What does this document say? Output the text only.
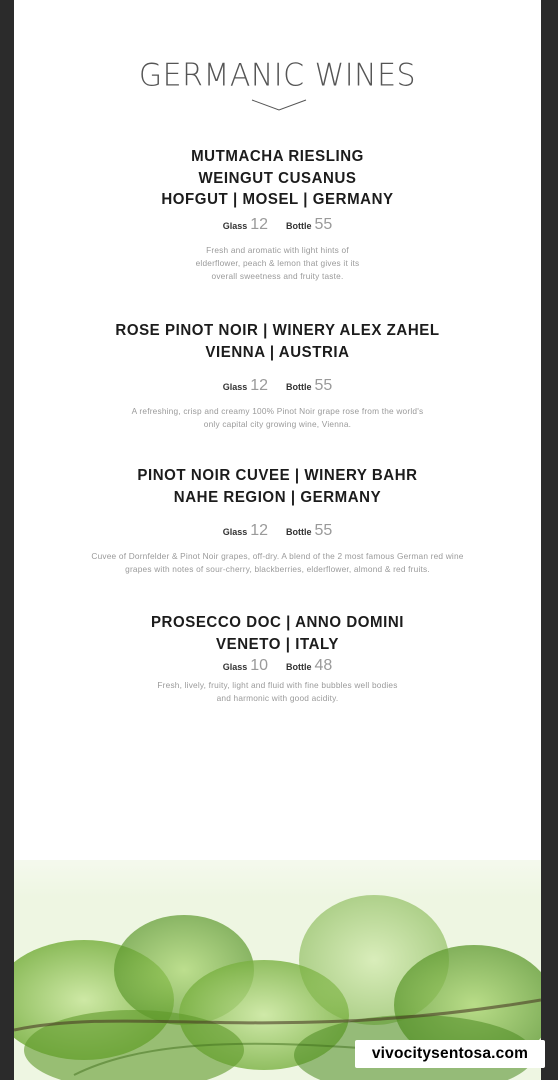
GERMANIC WINES
MUTMACHA RIESLING
WEINGUT CUSANUS
HOFGUT | MOSEL | GERMANY
Glass 12 Bottle 55
Fresh and aromatic with light hints of
elderflower, peach & lemon that gives it its
overall sweetness and fruity taste.
ROSE PINOT NOIR | WINERY ALEX ZAHEL
VIENNA | AUSTRIA
Glass 12 Bottle 55
A refreshing, crisp and creamy 100% Pinot Noir grape rose from the world's
only capital city growing wine, Vienna.
PINOT NOIR CUVEE | WINERY BAHR
NAHE REGION | GERMANY
Glass 12 Bottle 55
Cuvee of Dornfelder & Pinot Noir grapes, off-dry. A blend of the 2 most famous German red wine
grapes with notes of sour-cherry, blackberries, elderflower, almond & red fruits.
PROSECCO DOC | ANNO DOMINI
VENETO | ITALY
Glass 10 Bottle 48
Fresh, lively, fruity, light and fluid with fine bubbles well bodies
and harmonic with good acidity.
vivocitysentosa.com
